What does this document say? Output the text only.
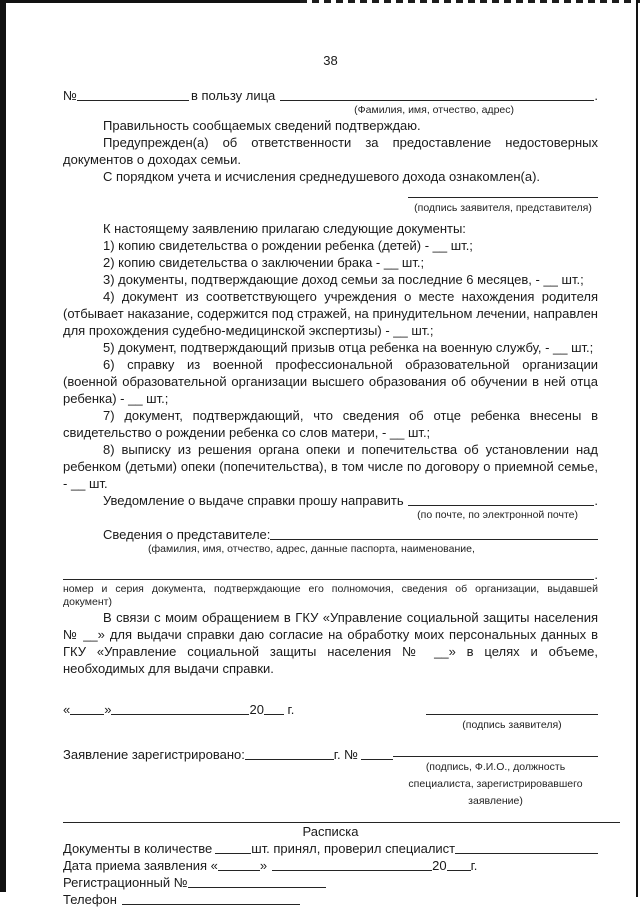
38
№	в пользу лица	.
(Фамилия, имя, отчество, адрес)

Правильность сообщаемых сведений подтверждаю.

Предупрежден(а) об ответственности за предоставление недостоверных документов о доходах семьи.

С порядком учета и исчисления среднедушевого дохода ознакомлен(а).

(подпись заявителя, представителя)

К настоящему заявлению прилагаю следующие документы:

1) копию свидетельства о рождении ребенка (детей) - __ шт.;

2) копию свидетельства о заключении брака - __ шт.;

3) документы, подтверждающие доход семьи за последние 6 месяцев, - __ шт.;

4) документ из соответствующего учреждения о месте нахождения родителя (отбывает наказание, содержится под стражей, на принудительном лечении, направлен для прохождения судебно-медицинской экспертизы) - __ шт.;

5) документ, подтверждающий призыв отца ребенка на военную службу, - __ шт.;

6) справку из военной профессиональной образовательной организации (военной образовательной организации высшего образования об обучении в ней отца ребенка) - __ шт.;

7) документ, подтверждающий, что сведения об отце ребенка внесены в свидетельство о рождении ребенка со слов матери, - __ шт.;

8) выписку из решения органа опеки и попечительства об установлении над ребенком (детьми) опеки (попечительства), в том числе по договору о приемной семье, - __ шт.

Уведомление о выдаче справки прошу направить	.
(по почте, по электронной почте)
Сведения о представителе:
(фамилия, имя, отчество, адрес, данные паспорта, наименование,
.
номер и серия документа, подтверждающие его полномочия, сведения об организации, выдавшей
документ)

В связи с моим обращением в ГКУ «Управление социальной защиты населения № __» для выдачи справки даю согласие на обработку моих персональных данных в ГКУ «Управление социальной защиты населения № __» в целях и объеме, необходимых для выдачи справки.

«	»	20 г.
(подпись заявителя)
Заявление зарегистрировано:	г. №
(подпись, Ф.И.О., должность
специалиста, зарегистрировавшего
заявление)
Расписка
Документы в количестве	шт. принял, проверил специалист
Дата приема заявления «	»	20 г.
Регистрационный №
Телефон
